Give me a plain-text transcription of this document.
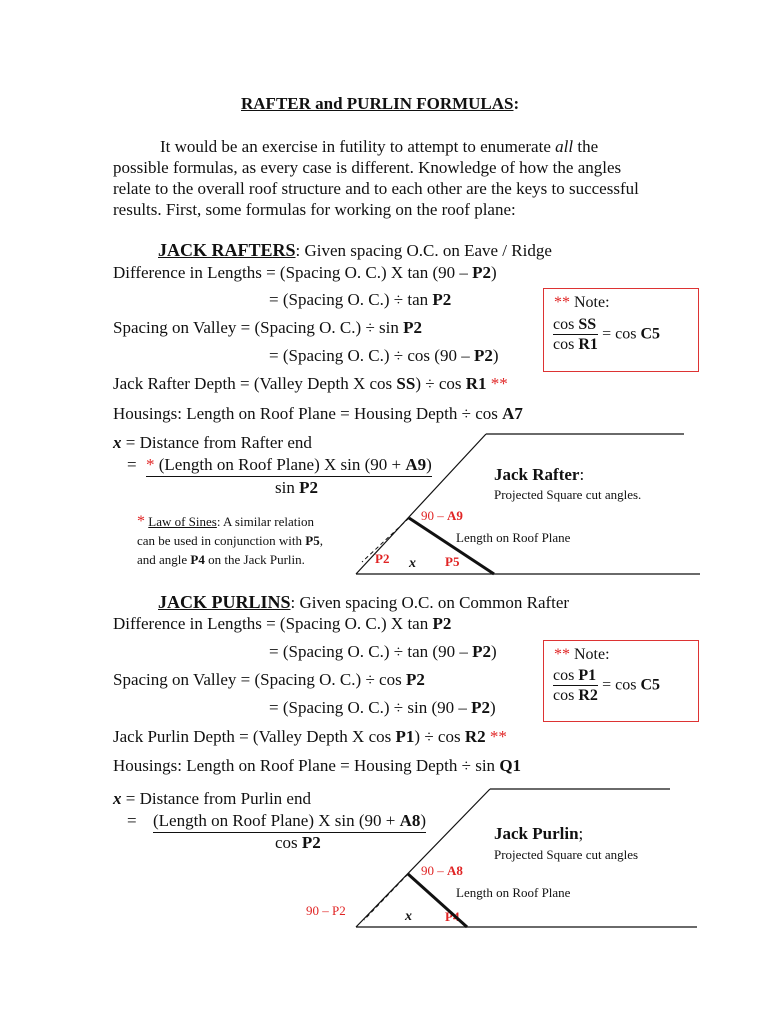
RAFTER and PURLIN FORMULAS:
It would be an exercise in futility to attempt to enumerate all the possible formulas, as every case is different. Knowledge of how the angles relate to the overall roof structure and to each other are the keys to successful results. First, some formulas for working on the roof plane:
JACK RAFTERS: Given spacing O.C. on Eave / Ridge
Difference in Lengths = (Spacing O. C.) X tan (90 – P2)
= (Spacing O. C.) ÷ tan P2
Spacing on Valley = (Spacing O. C.) ÷ sin P2
= (Spacing O. C.) ÷ cos (90 – P2)
Jack Rafter Depth = (Valley Depth X cos SS) ÷ cos R1 **
Housings: Length on Roof Plane = Housing Depth ÷ cos A7
** Note:
$\frac{\text{cos SS}}{\text{cos R1}} = \cos C5$
x = Distance from Rafter end
= * (Length on Roof Plane) X sin (90 + A9)
sin P2
* Law of Sines: A similar relation
can be used in conjunction with P5,
and angle P4 on the Jack Purlin.
Jack Rafter:
Projected Square cut angles.
90 – A9
Length on Roof Plane
P2 x P5
JACK PURLINS: Given spacing O.C. on Common Rafter
Difference in Lengths = (Spacing O. C.) X tan P2
= (Spacing O. C.) ÷ tan (90 – P2)
Spacing on Valley = (Spacing O. C.) ÷ cos P2
= (Spacing O. C.) ÷ sin (90 – P2)
Jack Purlin Depth = (Valley Depth X cos P1) ÷ cos R2 **
Housings: Length on Roof Plane = Housing Depth ÷ sin Q1
** Note:
$\frac{\text{cos P1}}{\text{cos R2}} = \cos C5$
x = Distance from Purlin end
= (Length on Roof Plane) X sin (90 + A8)
cos P2	Jack Purlin;
Projected Square cut angles
90 – A8
Length on Roof Plane
90 – P2	x	P4
